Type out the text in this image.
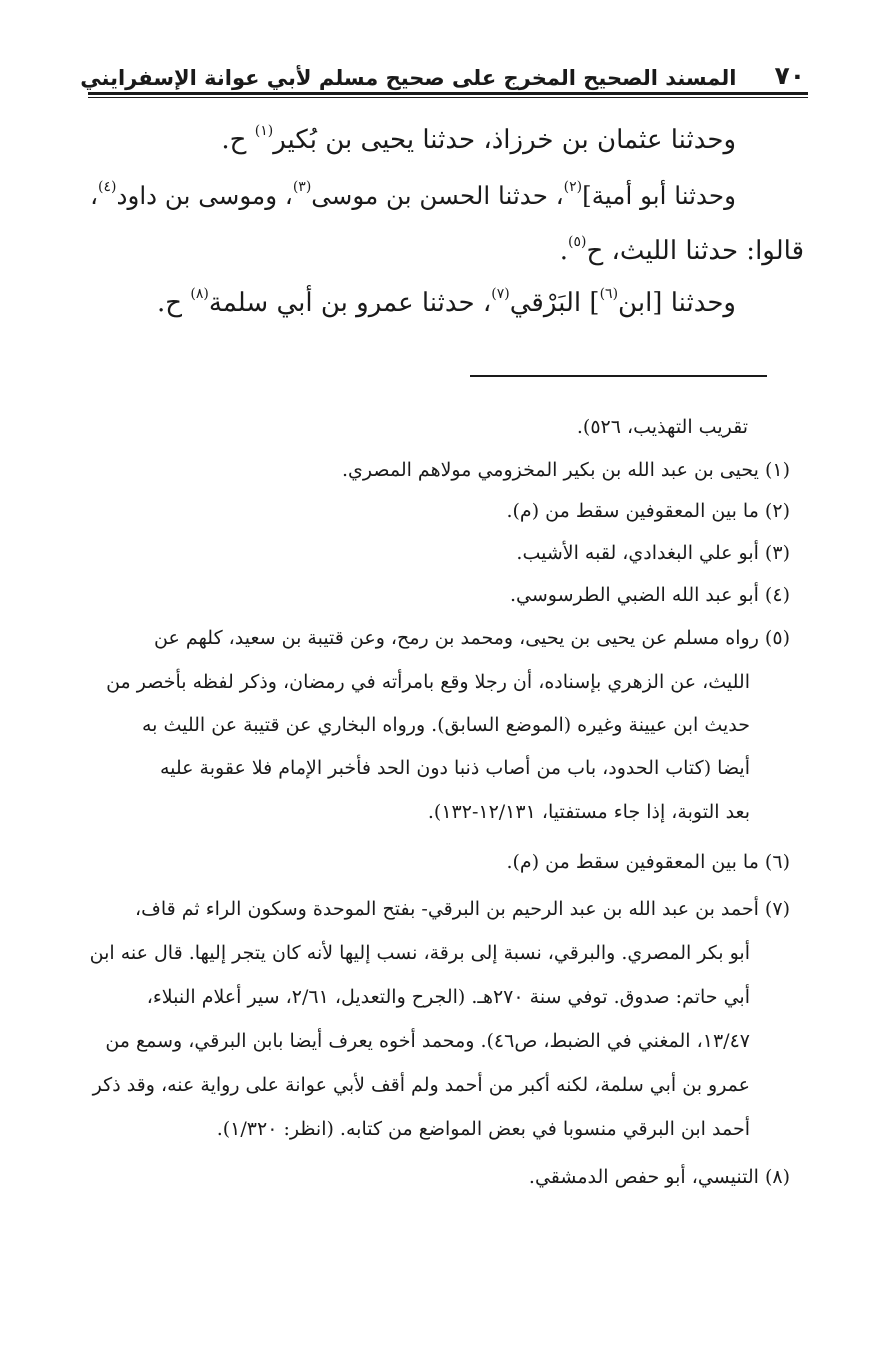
٧٠
المسند الصحيح المخرج على صحيح مسلم لأبي عوانة الإسفرايني
وحدثنا عثمان بن خرزاذ، حدثنا يحيى بن بُكير$^{(١)}$ ح.
وحدثنا أبو أمية]$^{(٢)}$، حدثنا الحسن بن موسى$^{(٣)}$، وموسى بن داود$^{(٤)}$،
قالوا: حدثنا الليث، ح$^{(٥)}$.
وحدثنا [ابن$^{(٦)}$] البَرْقي$^{(٧)}$، حدثنا عمرو بن أبي سلمة$^{(٨)}$ ح.
تقريب التهذيب، ٥٢٦).
(١) يحيى بن عبد الله بن بكير المخزومي مولاهم المصري.
(٢) ما بين المعقوفين سقط من (م).
(٣) أبو علي البغدادي، لقبه الأشيب.
(٤) أبو عبد الله الضبي الطرسوسي.
(٥) رواه مسلم عن يحيى بن يحيى، ومحمد بن رمح، وعن قتيبة بن سعيد، كلهم عن
الليث، عن الزهري بإسناده، أن رجلا وقع بامرأته في رمضان، وذكر لفظه بأخصر من
حديث ابن عيينة وغيره (الموضع السابق). ورواه البخاري عن قتيبة عن الليث به
أيضا (كتاب الحدود، باب من أصاب ذنبا دون الحد فأخبر الإمام فلا عقوبة عليه
بعد التوبة، إذا جاء مستفتيا، ١٢/١٣١-١٣٢).
(٦) ما بين المعقوفين سقط من (م).
(٧) أحمد بن عبد الله بن عبد الرحيم بن البرقي- بفتح الموحدة وسكون الراء ثم قاف،
أبو بكر المصري. والبرقي، نسبة إلى برقة، نسب إليها لأنه كان يتجر إليها. قال عنه ابن
أبي حاتم: صدوق. توفي سنة ٢٧٠هـ. (الجرح والتعديل، ٢/٦١، سير أعلام النبلاء،
١٣/٤٧، المغني في الضبط، ص٤٦). ومحمد أخوه يعرف أيضا بابن البرقي، وسمع من
عمرو بن أبي سلمة، لكنه أكبر من أحمد ولم أقف لأبي عوانة على رواية عنه، وقد ذكر
أحمد ابن البرقي منسوبا في بعض المواضع من كتابه. (انظر: ١/٣٢٠).
(٨) التنيسي، أبو حفص الدمشقي.
